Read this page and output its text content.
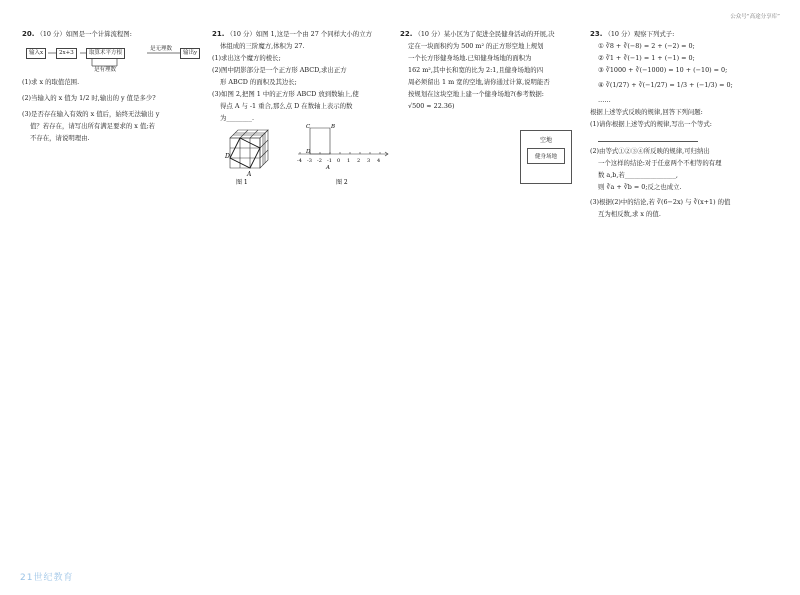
公众号“高途分享库”

20. （10 分）如图是一个计算流程图:

输入x	2x+3	取算术平方根
是无理数
输出y
是有理数

(1)求 x 的取值范围.

(2)当输入的 x 值为 1/2 时,输出的 y 值是多少?

(3)是否存在输入有效的 x 值后，始终无法输出 y

值？若存在，请写出所有满足要求的 x 值;若

不存在，请说明理由.

21. （10 分）如图 1,这是一个由 27 个同样大小的立方

体组成的三阶魔方,体积为 27.

(1)求出这个魔方的棱长;

(2)图中阴影部分是一个正方形 ABCD,求出正方

形 ABCD 的面积及其边长;

(3)如图 2,把图 1 中的正方形 ABCD 放到数轴上,使

得点 A 与 -1 重合,那么点 D 在数轴上表示的数

为________.

D
A
图 1
-4 -3 -2 -1 0 1 2 3 4
C	B
D
A
图 2

22. （10 分）某小区为了促进全民健身活动的开展,决

定在一块面积约为 500 m² 的正方形空地上规划

一个长方形健身场地.已知健身场地的面积为

162 m²,其中长和宽的比为 2:1,且健身场地的四

周必须留出 1 m 宽的空地,请你通过计算,说明能否

按规划在这块空地上建一个健身场地?(参考数据:

√500 ≈ 22.36)

空地
健身场地

23. （10 分）观察下列式子:

① ∛8 + ∛(−8) = 2 + (−2) = 0;

② ∛1 + ∛(−1) = 1 + (−1) = 0;

③ ∛1000 + ∛(−1000) = 10 + (−10) = 0;

④ ∛(1/27) + ∛(−1/27) = 1/3 + (−1/3) = 0;

……

根据上述等式反映的规律,回答下列问题:

(1)请你根据上述等式的规律,写出一个等式:

(2)由等式①②③④所反映的规律,可归纳出

一个这样的结论:对于任意两个不相等的有理

数 a,b,若________________,

则 ∛a + ∛b = 0;反之也成立.

(3)根据(2)中的结论,若 ∛(6−2x) 与 ∛(x+1) 的值

互为相反数,求 x 的值.

21世纪教育
